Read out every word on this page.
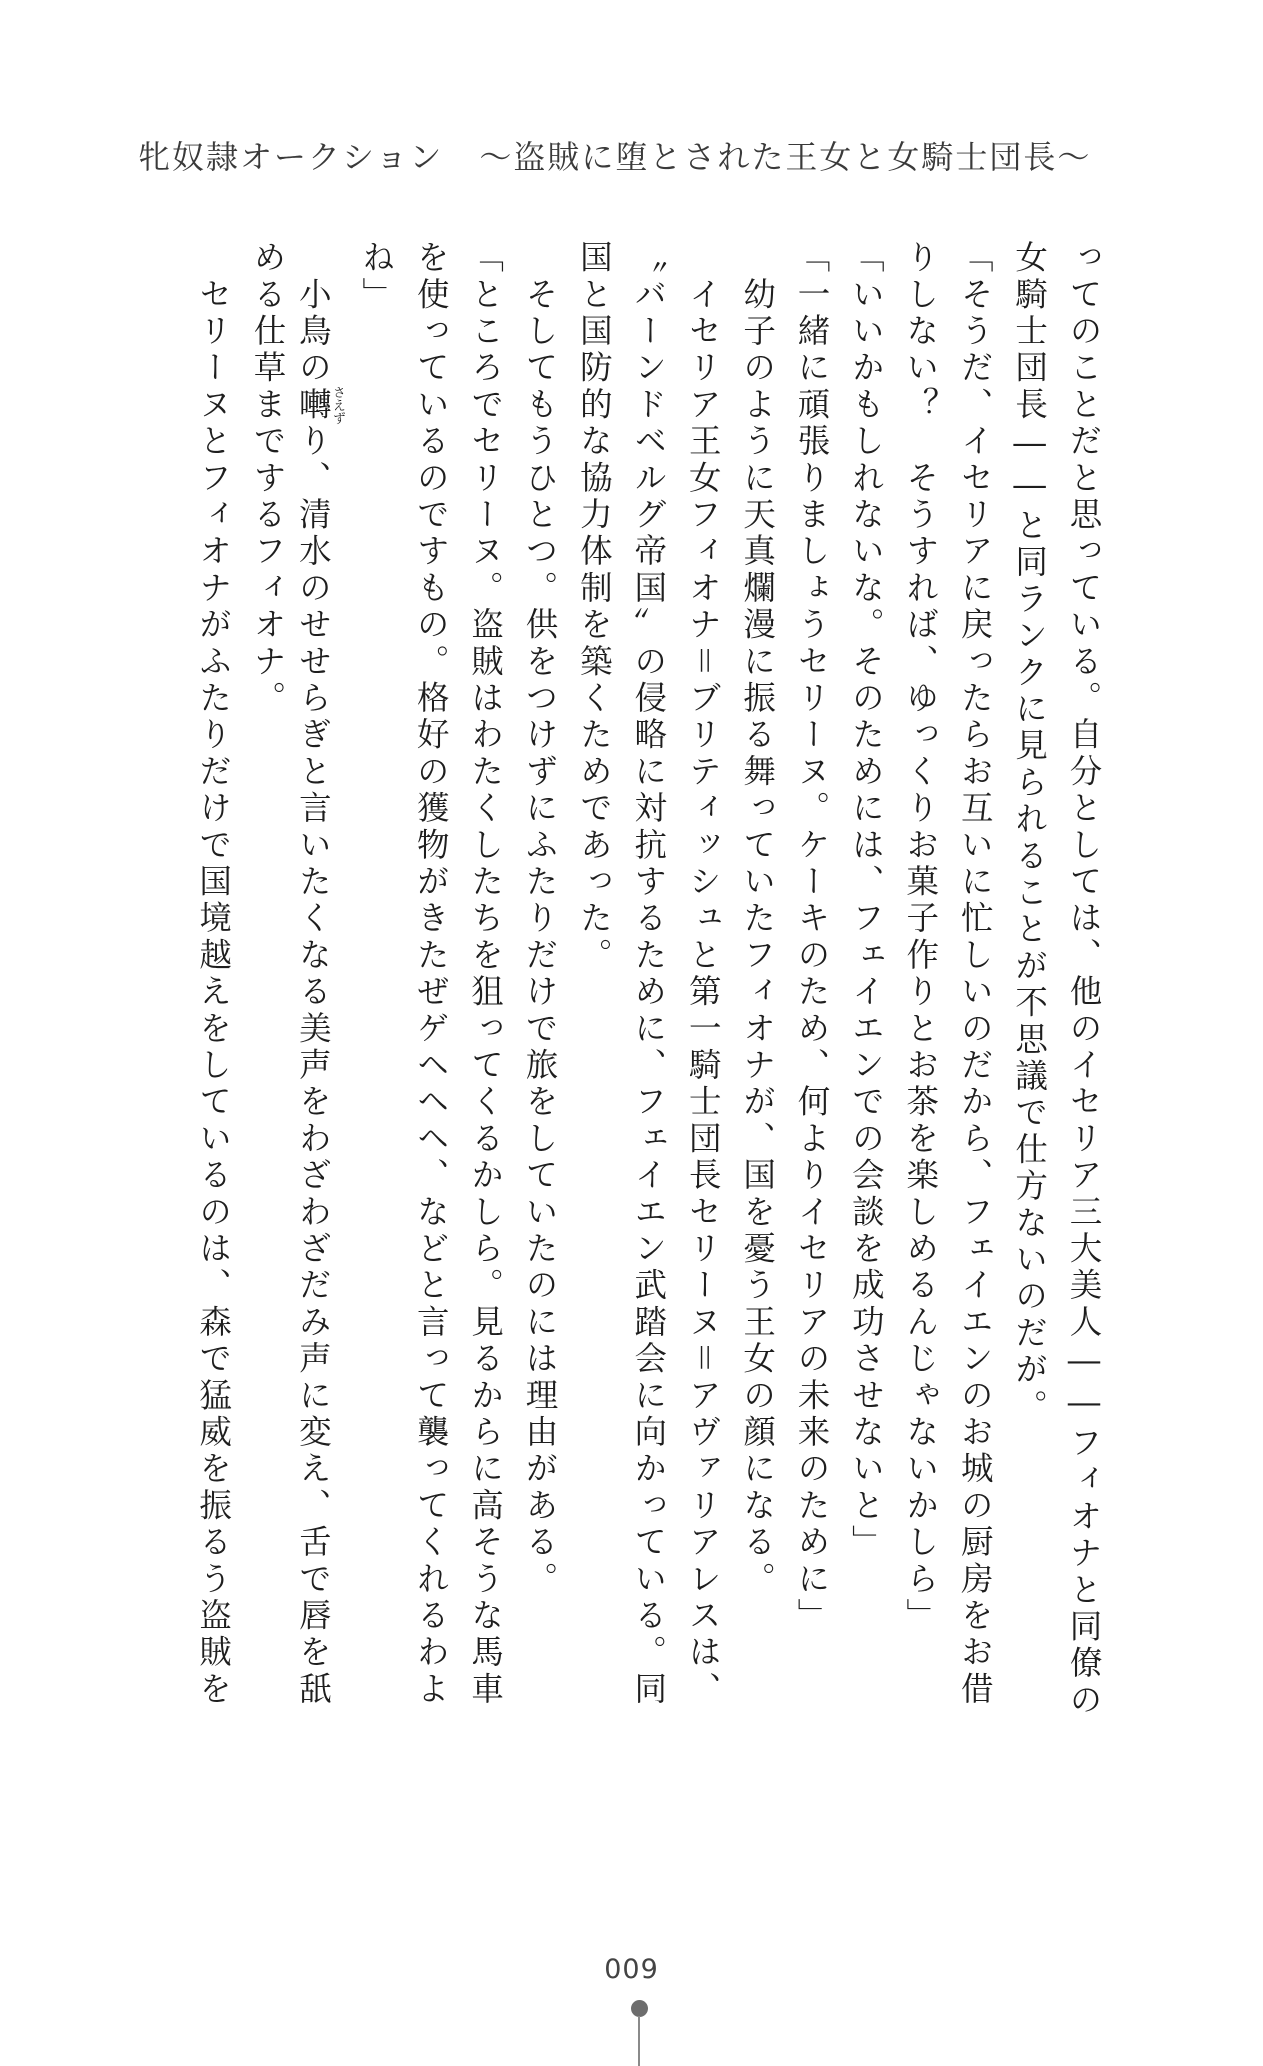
牝奴隷オークション 〜盗賊に堕とされた王女と女騎士団長〜
ってのことだと思っている。自分としては、他のイセリア三大美人――フィオナと同僚の
女騎士団長――と同ランクに見られることが不思議で仕方ないのだが。
「そうだ、イセリアに戻ったらお互いに忙しいのだから、フェイエンのお城の厨房をお借
りしない？　そうすれば、ゆっくりお菓子作りとお茶を楽しめるんじゃないかしら」
「いいかもしれないな。そのためには、フェイエンでの会談を成功させないと」
「一緒に頑張りましょうセリーヌ。ケーキのため、何よりイセリアの未来のために」
　幼子のように天真爛漫に振る舞っていたフィオナが、国を憂う王女の顔になる。
　イセリア王女フィオナ＝ブリティッシュと第一騎士団長セリーヌ＝アヴァリアレスは、
〝バーンドベルグ帝国〟の侵略に対抗するために、フェイエン武踏会に向かっている。同
国と国防的な協力体制を築くためであった。
　そしてもうひとつ。供をつけずにふたりだけで旅をしていたのには理由がある。
「ところでセリーヌ。盗賊はわたくしたちを狙ってくるかしら。見るからに高そうな馬車
を使っているのですもの。格好の獲物がきたぜゲヘヘヘ、などと言って襲ってくれるわよ
ね」
　小鳥の囀さえずり、清水のせせらぎと言いたくなる美声をわざわざだみ声に変え、舌で唇を舐
める仕草までするフィオナ。
　セリーヌとフィオナがふたりだけで国境越えをしているのは、森で猛威を振るう盗賊を
009
